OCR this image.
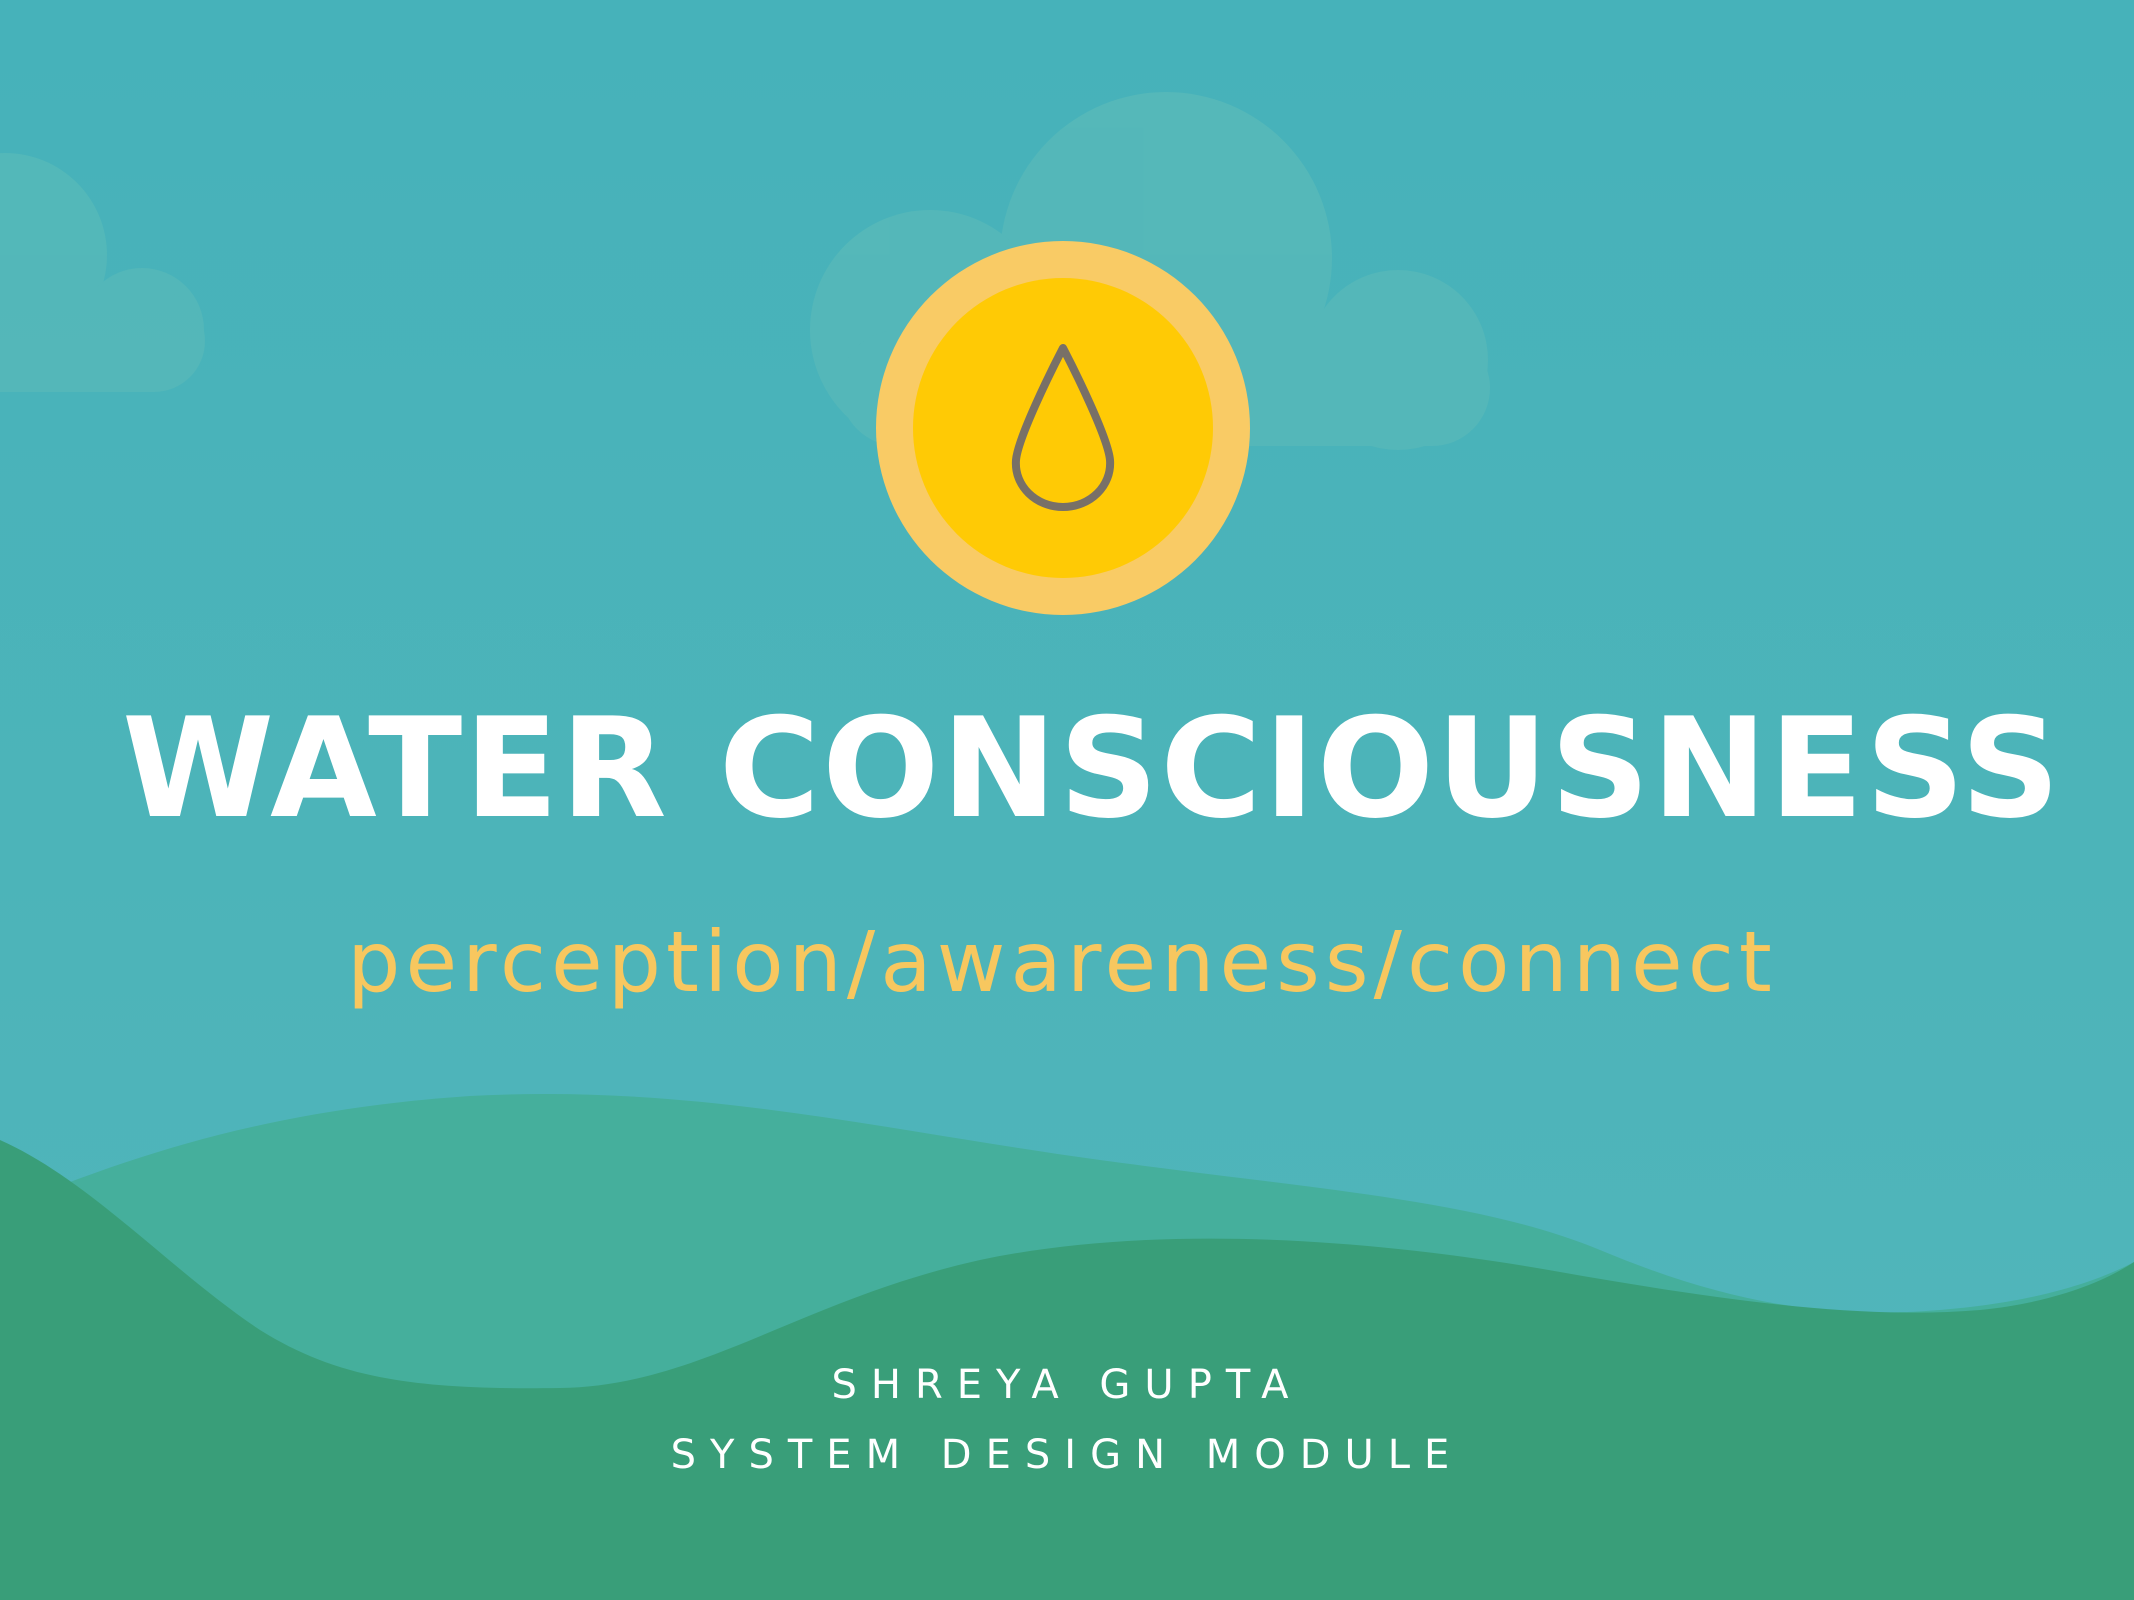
WATER CONSCIOUSNESS
perception/awareness/connect
SHREYA GUPTA
SYSTEM DESIGN MODULE
